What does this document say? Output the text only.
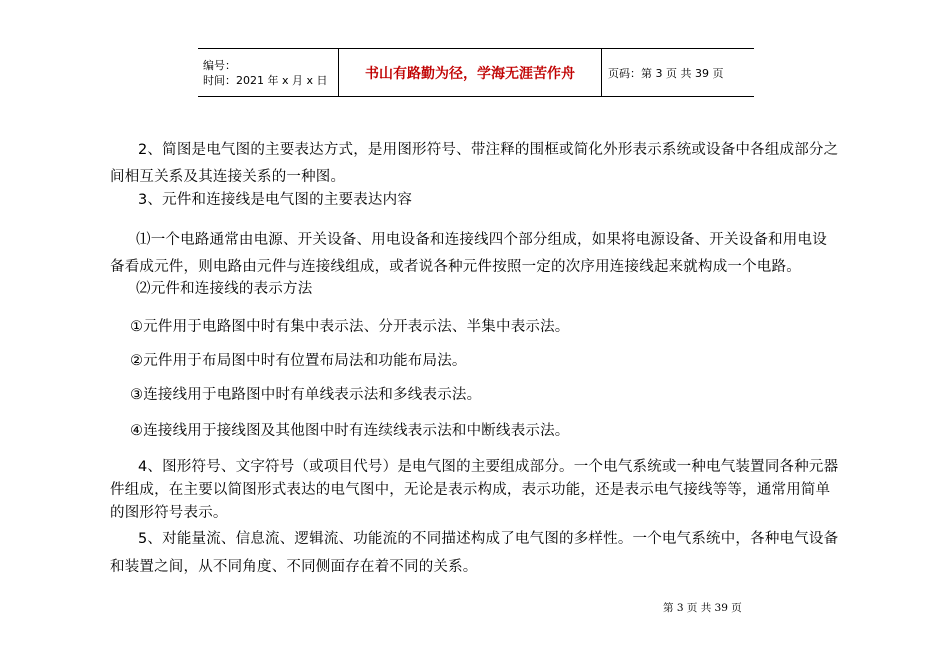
编号：
时间：2021 年 x 月 x 日	书山有路勤为径，学海无涯苦作舟	页码：第 3 页 共 39 页

2、简图是电气图的主要表达方式，是用图形符号、带注释的围框或简化外形表示系统或设备中各组成部分之间相互关系及其连接关系的一种图。

3、元件和连接线是电气图的主要表达内容

⑴一个电路通常由电源、开关设备、用电设备和连接线四个部分组成，如果将电源设备、开关设备和用电设备看成元件，则电路由元件与连接线组成，或者说各种元件按照一定的次序用连接线起来就构成一个电路。

⑵元件和连接线的表示方法

①元件用于电路图中时有集中表示法、分开表示法、半集中表示法。

②元件用于布局图中时有位置布局法和功能布局法。

③连接线用于电路图中时有单线表示法和多线表示法。

④连接线用于接线图及其他图中时有连续线表示法和中断线表示法。

4、图形符号、文字符号（或项目代号）是电气图的主要组成部分。一个电气系统或一种电气装置同各种元器件组成，在主要以简图形式表达的电气图中，无论是表示构成，表示功能，还是表示电气接线等等，通常用简单的图形符号表示。

5、对能量流、信息流、逻辑流、功能流的不同描述构成了电气图的多样性。一个电气系统中，各种电气设备和装置之间，从不同角度、不同侧面存在着不同的关系。

第 3 页 共 39 页
